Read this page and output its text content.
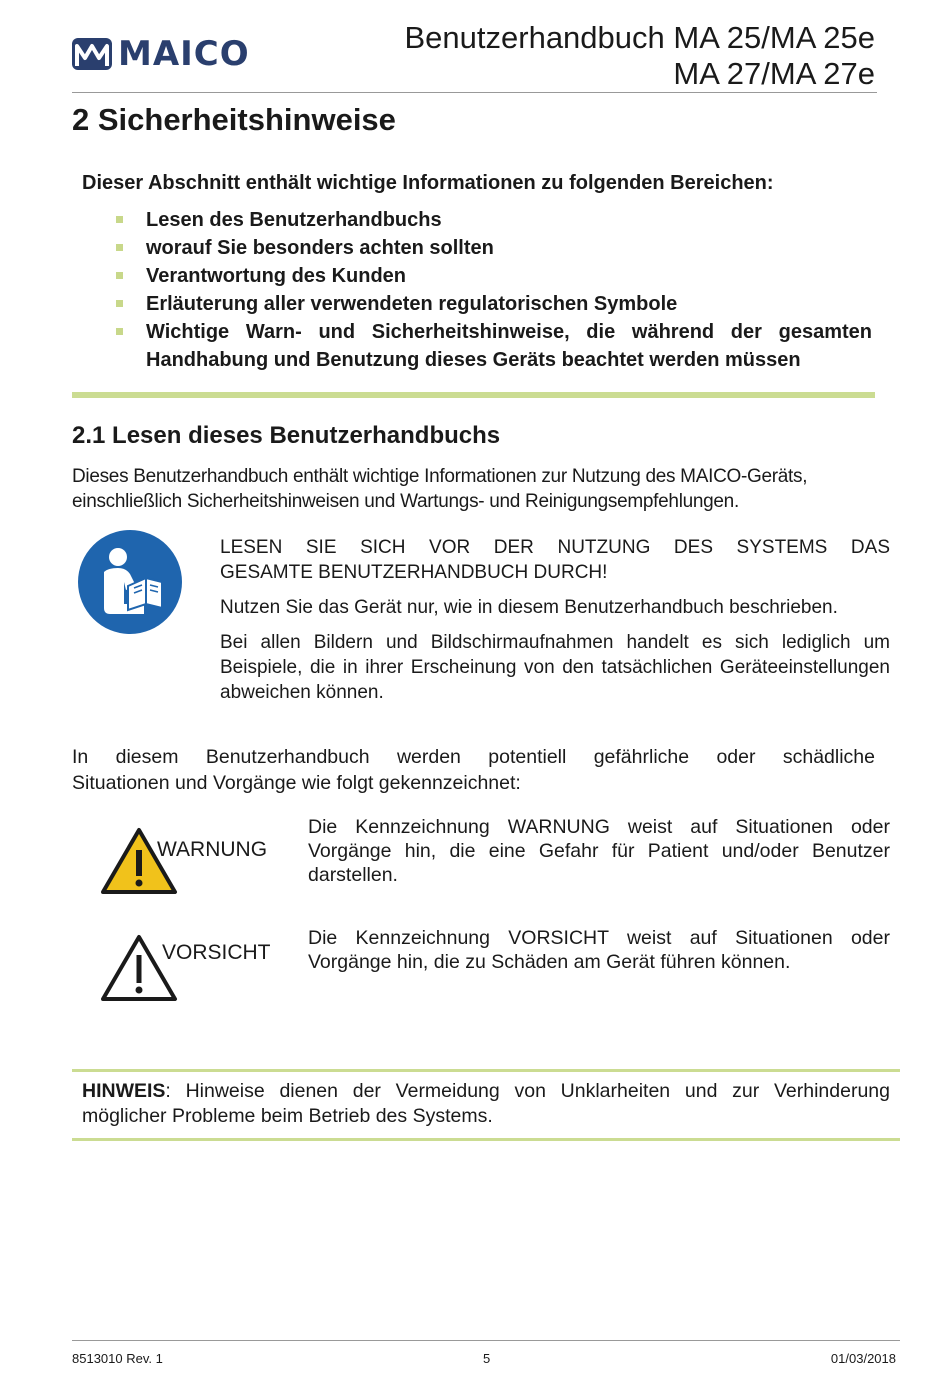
MAICO	Benutzerhandbuch MA 25/MA 25e
MA 27/MA 27e
2 Sicherheitshinweise
Dieser Abschnitt enthält wichtige Informationen zu folgenden Bereichen:
Lesen des Benutzerhandbuchs
worauf Sie besonders achten sollten
Verantwortung des Kunden
Erläuterung aller verwendeten regulatorischen Symbole
Wichtige Warn- und Sicherheitshinweise, die während der gesamten Handhabung und Benutzung dieses Geräts beachtet werden müssen
2.1 Lesen dieses Benutzerhandbuchs
Dieses Benutzerhandbuch enthält wichtige Informationen zur Nutzung des MAICO-Geräts, einschließlich Sicherheitshinweisen und Wartungs- und Reinigungsempfehlungen.

LESEN SIE SICH VOR DER NUTZUNG DES SYSTEMS DAS

GESAMTE BENUTZERHANDBUCH DURCH!

Nutzen Sie das Gerät nur, wie in diesem Benutzerhandbuch beschrieben.

Bei allen Bildern und Bildschirmaufnahmen handelt es sich lediglich um Beispiele, die in ihrer Erscheinung von den tatsächlichen Geräteeinstellungen abweichen können.

In diesem Benutzerhandbuch werden potentiell gefährliche oder schädliche
Situationen und Vorgänge wie folgt gekennzeichnet:
WARNUNG
Die Kennzeichnung WARNUNG weist auf Situationen oder Vorgänge hin, die eine Gefahr für Patient und/oder Benutzer darstellen.
VORSICHT
Die Kennzeichnung VORSICHT weist auf Situationen oder Vorgänge hin, die zu Schäden am Gerät führen können.
HINWEIS: Hinweise dienen der Vermeidung von Unklarheiten und zur Verhinderung
möglicher Probleme beim Betrieb des Systems.
8513010 Rev. 1	5	01/03/2018
